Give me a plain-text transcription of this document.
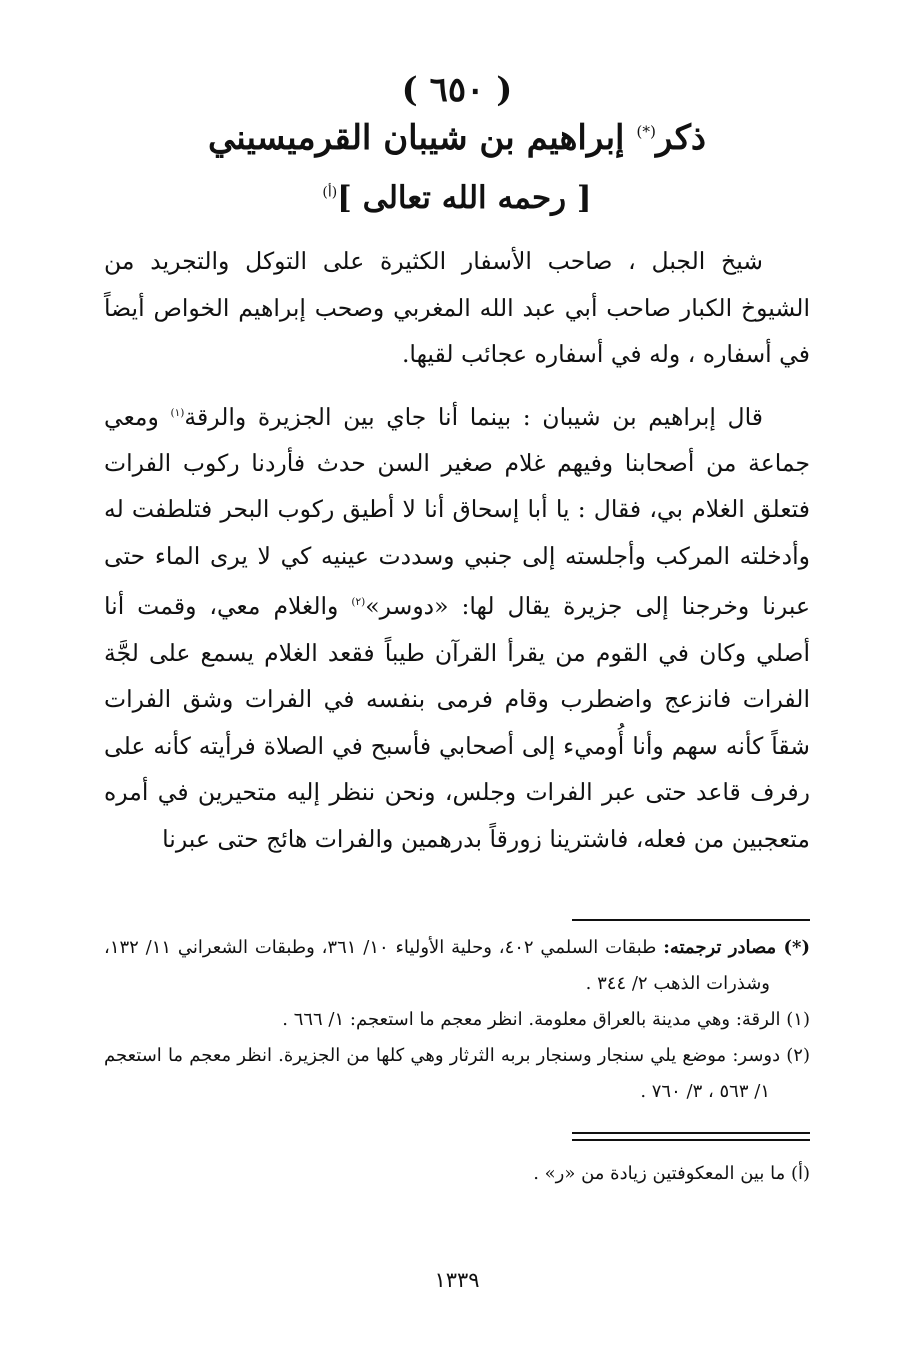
( ٦٥٠ )
ذكر(*) إبراهيم بن شيبان القرميسيني
[ رحمه الله تعالى ]$^{(أ)}$

شيخ الجبل ، صاحب الأسفار الكثيرة على التوكل والتجريد من الشيوخ الكبار صاحب أبي عبد الله المغربي وصحب إبراهيم الخواص أيضاً في أسفاره ، وله في أسفاره عجائب لقيها.

قال إبراهيم بن شيبان : بينما أنا جاي بين الجزيرة والرقة$^{(١)}$ ومعي جماعة من أصحابنا وفيهم غلام صغير السن حدث فأردنا ركوب الفرات فتعلق الغلام بي، فقال : يا أبا إسحاق أنا لا أطيق ركوب البحر فتلطفت له وأدخلته المركب وأجلسته إلى جنبي وسددت عينيه كي لا يرى الماء حتى عبرنا وخرجنا إلى جزيرة يقال لها: «دوسر»$^{(٢)}$ والغلام معي، وقمت أنا أصلي وكان في القوم من يقرأ القرآن طيباً فقعد الغلام يسمع على لجَّة الفرات فانزعج واضطرب وقام فرمى بنفسه في الفرات وشق الفرات شقاً كأنه سهم وأنا أُوميء إلى أصحابي فأسبح في الصلاة فرأيته كأنه على رفرف قاعد حتى عبر الفرات وجلس، ونحن ننظر إليه متحيرين في أمره متعجبين من فعله، فاشترينا زورقاً بدرهمين والفرات هائج حتى عبرنا

(*) مصادر ترجمته: طبقات السلمي ٤٠٢، وحلية الأولياء ١٠/ ٣٦١، وطبقات الشعراني ١١/ ١٣٢، وشذرات الذهب ٢/ ٣٤٤ .

(١) الرقة: وهي مدينة بالعراق معلومة. انظر معجم ما استعجم: ١/ ٦٦٦ .

(٢) دوسر: موضع يلي سنجار وسنجار بربه الثرثار وهي كلها من الجزيرة. انظر معجم ما استعجم ١/ ٥٦٣ ، ٣/ ٧٦٠ .

(أ) ما بين المعكوفتين زيادة من «ر» .

١٣٣٩
